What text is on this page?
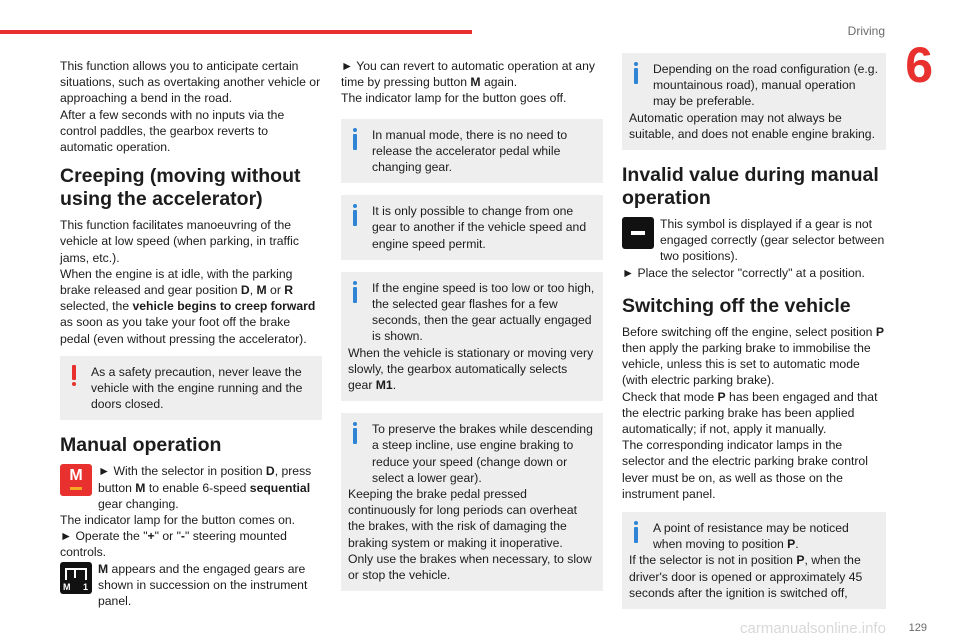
Driving
6

This function allows you to anticipate certain situations, such as overtaking another vehicle or approaching a bend in the road.

After a few seconds with no inputs via the control paddles, the gearbox reverts to automatic operation.

Creeping (moving without using the accelerator)

This function facilitates manoeuvring of the vehicle at low speed (when parking, in traffic jams, etc.).

When the engine is at idle, with the parking brake released and gear position D, M or R selected, the vehicle begins to creep forward as soon as you take your foot off the brake pedal (even without pressing the accelerator).

As a safety precaution, never leave the vehicle with the engine running and the doors closed.
Manual operation
M	► With the selector in position D, press button M to enable 6-speed sequential gear changing.

The indicator lamp for the button comes on.

► Operate the "+" or "-" steering mounted controls.

M 1
M appears and the engaged gears are shown in succession on the instrument panel.

► You can revert to automatic operation at any time by pressing button M again.

The indicator lamp for the button goes off.

In manual mode, there is no need to release the accelerator pedal while changing gear.
It is only possible to change from one gear to another if the vehicle speed and engine speed permit.
If the engine speed is too low or too high, the selected gear flashes for a few seconds, then the gear actually engaged is shown.
When the vehicle is stationary or moving very slowly, the gearbox automatically selects gear M1.
To preserve the brakes while descending a steep incline, use engine braking to reduce your speed (change down or select a lower gear).
Keeping the brake pedal pressed continuously for long periods can overheat the brakes, with the risk of damaging the braking system or making it inoperative.
Only use the brakes when necessary, to slow or stop the vehicle.
Depending on the road configuration (e.g. mountainous road), manual operation may be preferable.
Automatic operation may not always be suitable, and does not enable engine braking.
Invalid value during manual operation
This symbol is displayed if a gear is not engaged correctly (gear selector between two positions).

► Place the selector "correctly" at a position.

Switching off the vehicle

Before switching off the engine, select position P then apply the parking brake to immobilise the vehicle, unless this is set to automatic mode (with electric parking brake).

Check that mode P has been engaged and that the electric parking brake has been applied automatically; if not, apply it manually.

The corresponding indicator lamps in the selector and the electric parking brake control lever must be on, as well as those on the instrument panel.

A point of resistance may be noticed when moving to position P.
If the selector is not in position P, when the driver's door is opened or approximately 45 seconds after the ignition is switched off,
carmanualsonline.info 129
